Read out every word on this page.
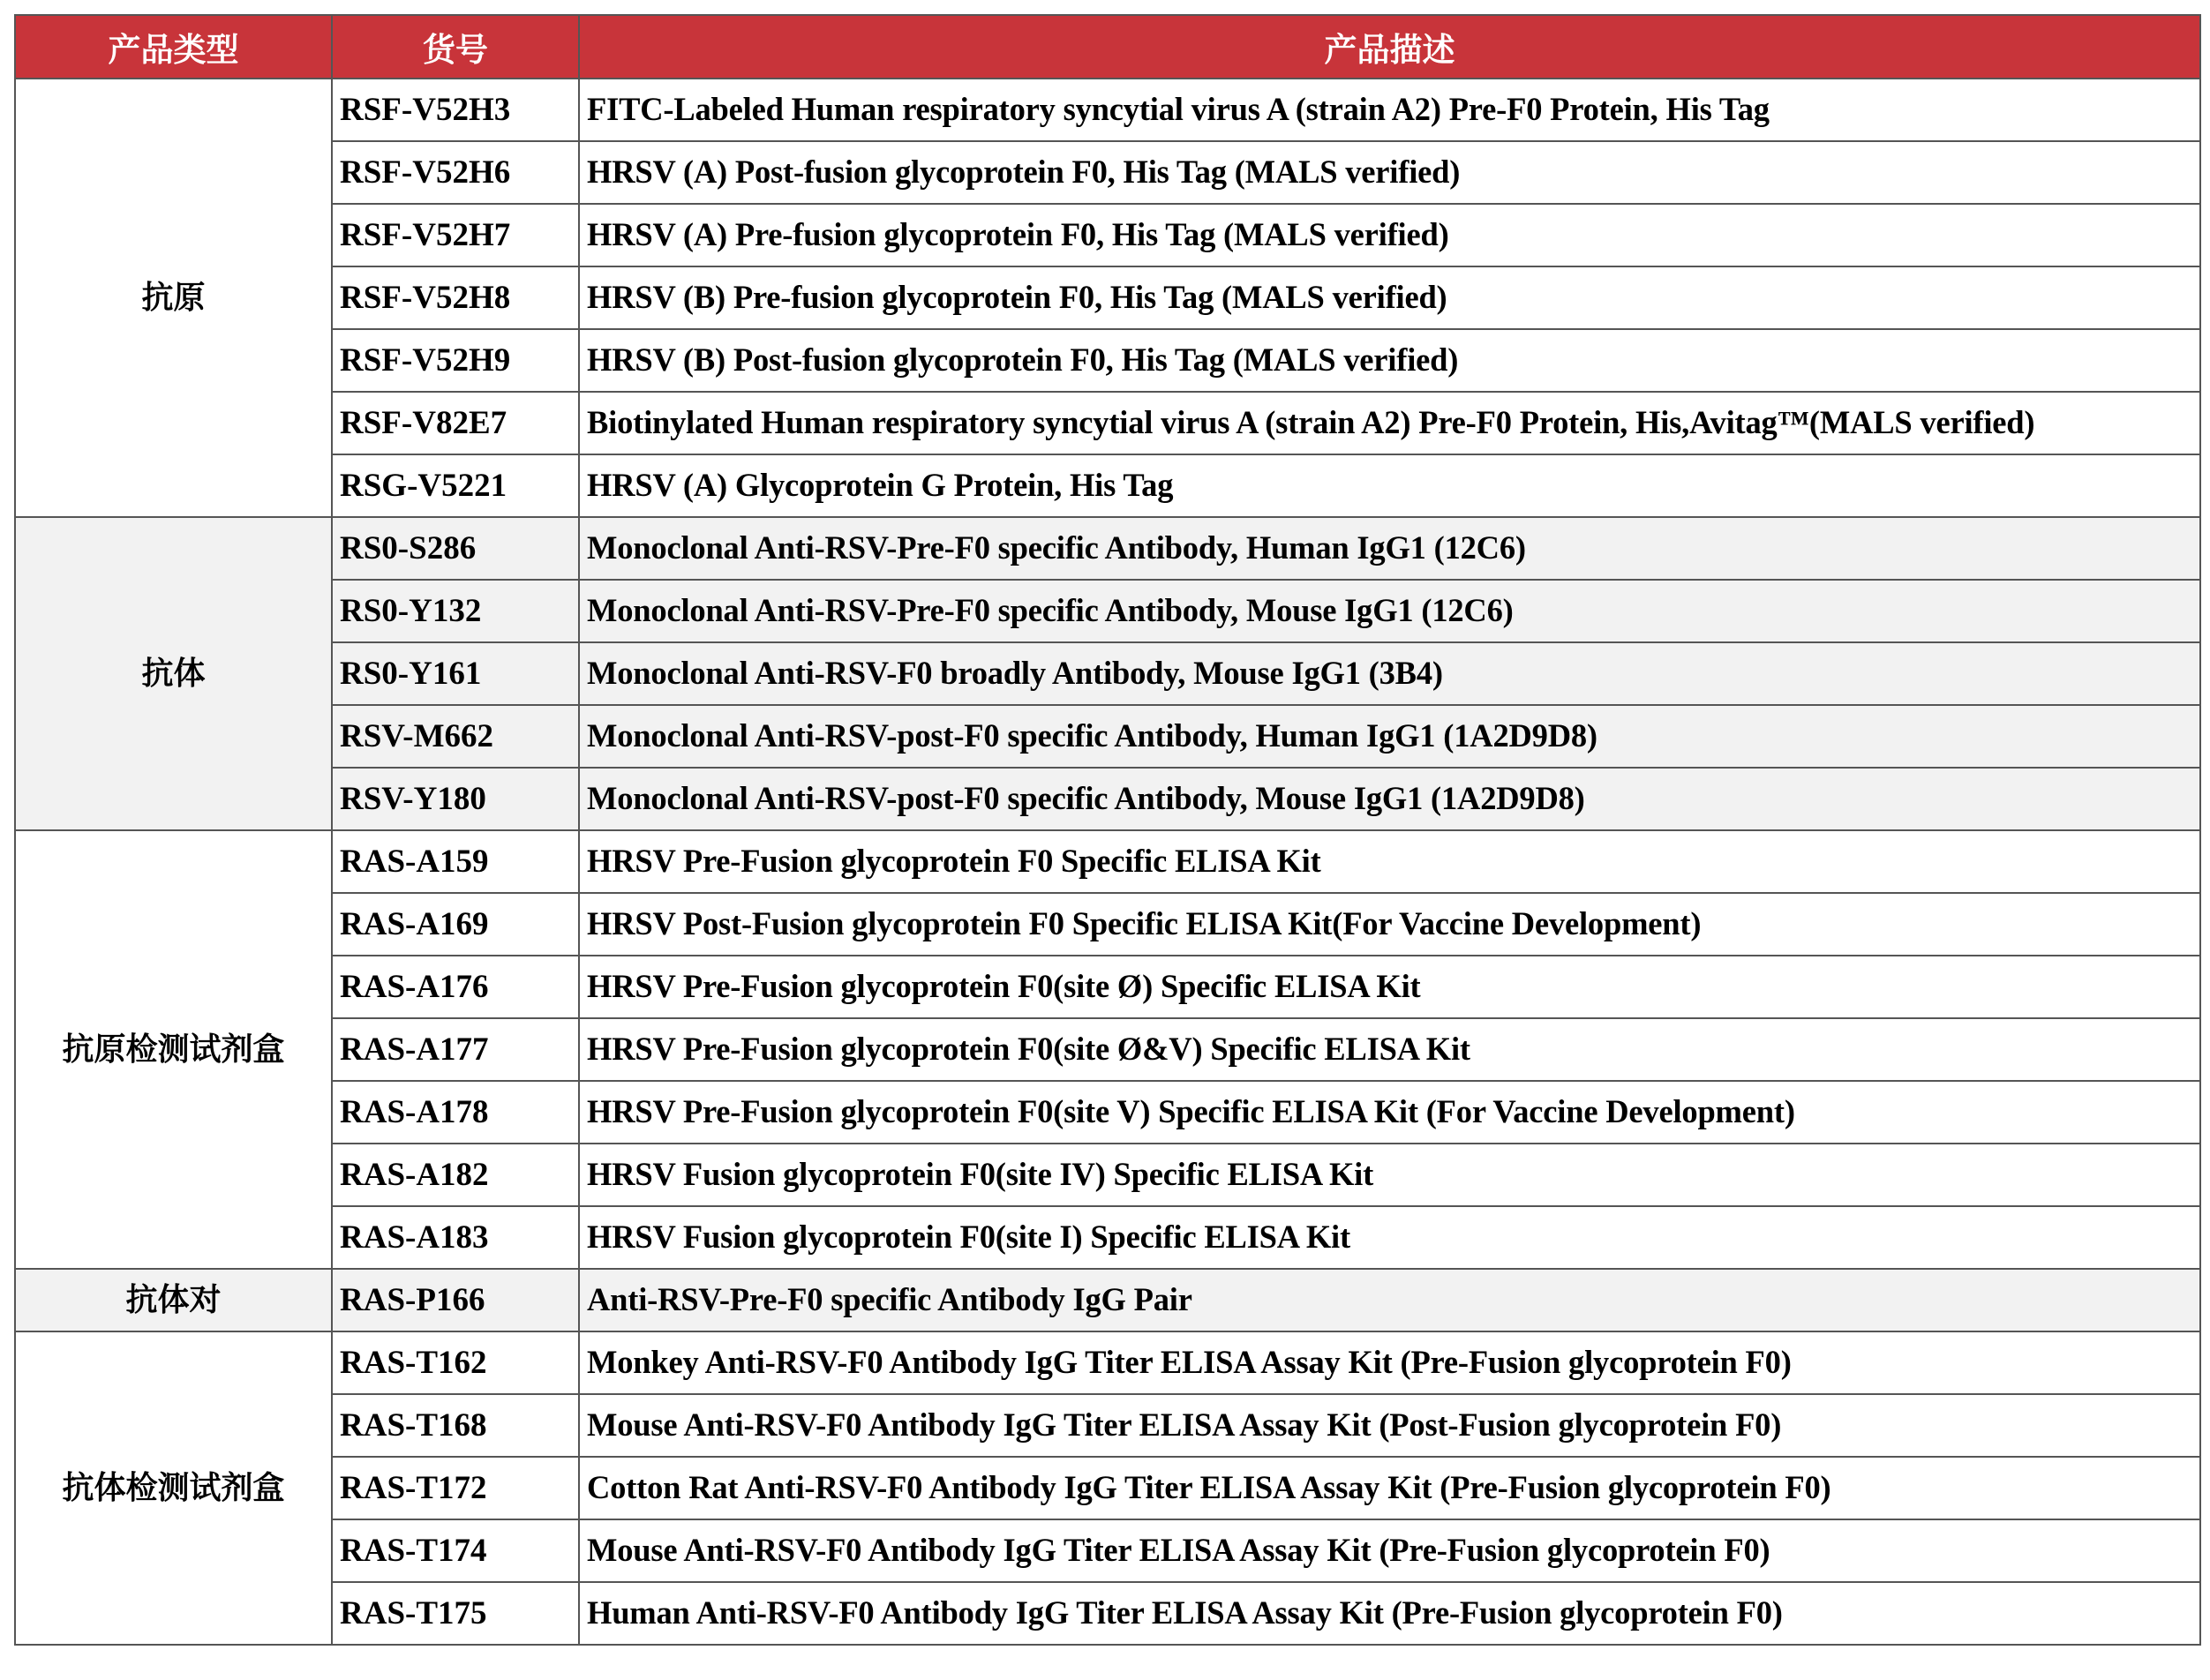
产品类型	货号	产品描述
抗原	RSF-V52H3	FITC-Labeled Human respiratory syncytial virus A (strain A2) Pre-F0 Protein, His Tag
	RSF-V52H6	HRSV (A) Post-fusion glycoprotein F0, His Tag (MALS verified)
	RSF-V52H7	HRSV (A) Pre-fusion glycoprotein F0, His Tag (MALS verified)
	RSF-V52H8	HRSV (B) Pre-fusion glycoprotein F0, His Tag (MALS verified)
	RSF-V52H9	HRSV (B) Post-fusion glycoprotein F0, His Tag (MALS verified)
	RSF-V82E7	Biotinylated Human respiratory syncytial virus A (strain A2) Pre-F0 Protein, His,Avitag™(MALS verified)
	RSG-V5221	HRSV (A) Glycoprotein G Protein, His Tag
抗体	RS0-S286	Monoclonal Anti-RSV-Pre-F0 specific Antibody, Human IgG1 (12C6)
	RS0-Y132	Monoclonal Anti-RSV-Pre-F0 specific Antibody, Mouse IgG1 (12C6)
	RS0-Y161	Monoclonal Anti-RSV-F0 broadly Antibody, Mouse IgG1 (3B4)
	RSV-M662	Monoclonal Anti-RSV-post-F0 specific Antibody, Human IgG1 (1A2D9D8)
	RSV-Y180	Monoclonal Anti-RSV-post-F0 specific Antibody, Mouse IgG1 (1A2D9D8)
抗原检测试剂盒	RAS-A159	HRSV Pre-Fusion glycoprotein F0 Specific ELISA Kit
	RAS-A169	HRSV Post-Fusion glycoprotein F0 Specific ELISA Kit(For Vaccine Development)
	RAS-A176	HRSV Pre-Fusion glycoprotein F0(site Ø) Specific ELISA Kit
	RAS-A177	HRSV Pre-Fusion glycoprotein F0(site Ø&V) Specific ELISA Kit
	RAS-A178	HRSV Pre-Fusion glycoprotein F0(site V) Specific ELISA Kit (For Vaccine Development)
	RAS-A182	HRSV Fusion glycoprotein F0(site IV) Specific ELISA Kit
	RAS-A183	HRSV Fusion glycoprotein F0(site I) Specific ELISA Kit
抗体对	RAS-P166	Anti-RSV-Pre-F0 specific Antibody IgG Pair
抗体检测试剂盒	RAS-T162	Monkey Anti-RSV-F0 Antibody IgG Titer ELISA Assay Kit (Pre-Fusion glycoprotein F0)
	RAS-T168	Mouse Anti-RSV-F0 Antibody IgG Titer ELISA Assay Kit (Post-Fusion glycoprotein F0)
	RAS-T172	Cotton Rat Anti-RSV-F0 Antibody IgG Titer ELISA Assay Kit (Pre-Fusion glycoprotein F0)
	RAS-T174	Mouse Anti-RSV-F0 Antibody IgG Titer ELISA Assay Kit (Pre-Fusion glycoprotein F0)
	RAS-T175	Human Anti-RSV-F0 Antibody IgG Titer ELISA Assay Kit (Pre-Fusion glycoprotein F0)
